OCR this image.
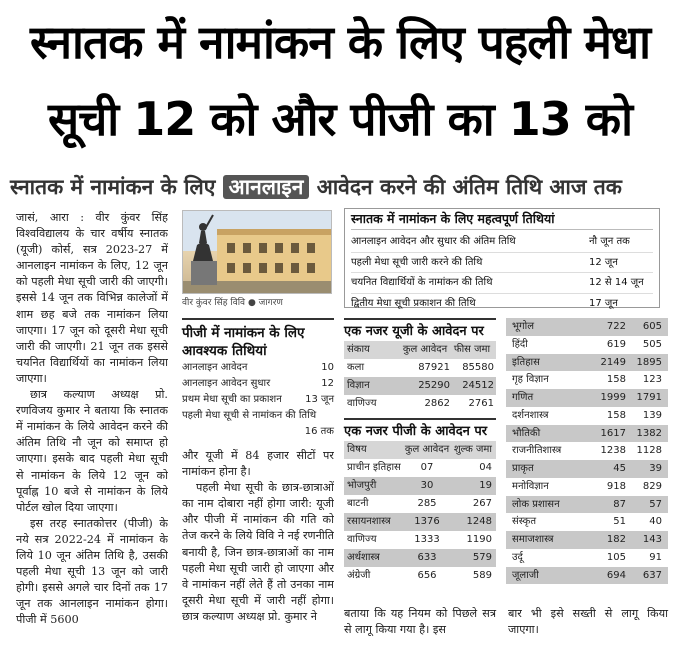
स्नातक में नामांकन के लिए पहली मेधा
सूची 12 को और पीजी का 13 को
स्नातक में नामांकन के लिए आनलाइन आवेदन करने की अंतिम तिथि आज तक

जासं, आरा : वीर कुंवर सिंह विश्वविद्यालय के चार वर्षीय स्नातक (यूजी) कोर्स, सत्र 2023-27 में आनलाइन नामांकन के लिए, 12 जून को पहली मेधा सूची जारी की जाएगी। इससे 14 जून तक विभिन्न कालेजों में शाम छह बजे तक नामांकन लिया जाएगा। 17 जून को दूसरी मेधा सूची जारी की जाएगी। 21 जून तक इससे चयनित विद्यार्थियों का नामांकन लिया जाएगा।

छात्र कल्याण अध्यक्ष प्रो. रणविजय कुमार ने बताया कि स्नातक में नामांकन के लिये आवेदन करने की अंतिम तिथि नौ जून को समाप्त हो जाएगा। इसके बाद पहली मेधा सूची से नामांकन के लिये 12 जून को पूर्वाह्न 10 बजे से नामांकन के लिये पोर्टल खोल दिया जाएगा।

इस तरह स्नातकोत्तर (पीजी) के नये सत्र 2022-24 में नामांकन के लिये 10 जून अंतिम तिथि है, उसकी पहली मेधा सूची 13 जून को जारी होगी। इससे अगले चार दिनों तक 17 जून तक आनलाइन नामांकन होगा। पीजी में 5600

वीर कुंवर सिंह विवि ● जागरण
पीजी में नामांकन के लिए आवश्यक तिथियां
आनलाइन आवेदन	10
आनलाइन आवेदन सुधार	12
प्रथम मेधा सूची का प्रकाशन 13 जून
पहली मेधा सूची से नामांकन की तिथि
16 तक

और यूजी में 84 हजार सीटों पर नामांकन होना है।

पहली मेधा सूची के छात्र-छात्राओं का नाम दोबारा नहीं होगा जारी: यूजी और पीजी में नामांकन की गति को तेज करने के लिये विवि ने नई रणनीति बनायी है, जिन छात्र-छात्राओं का नाम पहली मेधा सूची जारी हो जाएगा और वे नामांकन नहीं लेते हैं तो उनका नाम दूसरी मेधा सूची में जारी नहीं होगा। छात्र कल्याण अध्यक्ष प्रो. कुमार ने

स्नातक में नामांकन के लिए महत्वपूर्ण तिथियां
आनलाइन आवेदन और सुधार की अंतिम तिथि	नौ जून तक
पहली मेधा सूची जारी करने की तिथि	12 जून
चयनित विद्यार्थियों के नामांकन की तिथि	12 से 14 जून
द्वितीय मेधा सूची प्रकाशन की तिथि	17 जून
एक नजर यूजी के आवेदन पर
संकाय	कुल आवेदन फीस जमा
कला	87921	85580
विज्ञान	25290	24512
वाणिज्य	2862	2761
एक नजर पीजी के आवेदन पर
विषय	कुल आवेदन शुल्क जमा
प्राचीन इतिहास	07	04
भोजपुरी	30	19
बाटनी	285	267
रसायनशास्त्र	1376	1248
वाणिज्य	1333	1190
अर्थशास्त्र	633	579
अंग्रेजी	656	589
भूगोल	722	605
हिंदी	619	505
इतिहास	2149	1895
गृह विज्ञान	158	123
गणित	1999	1791
दर्शनशास्त्र	158	139
भौतिकी	1617	1382
राजनीतिशास्त्र	1238	1128
प्राकृत	45	39
मनोविज्ञान	918	829
लोक प्रशासन	87	57
संस्कृत	51	40
समाजशास्त्र	182	143
उर्दू	105	91
जूलाजी	694	637

बताया कि यह नियम को पिछले सत्र से लागू किया गया है। इस

बार भी इसे सख्ती से लागू किया जाएगा।
